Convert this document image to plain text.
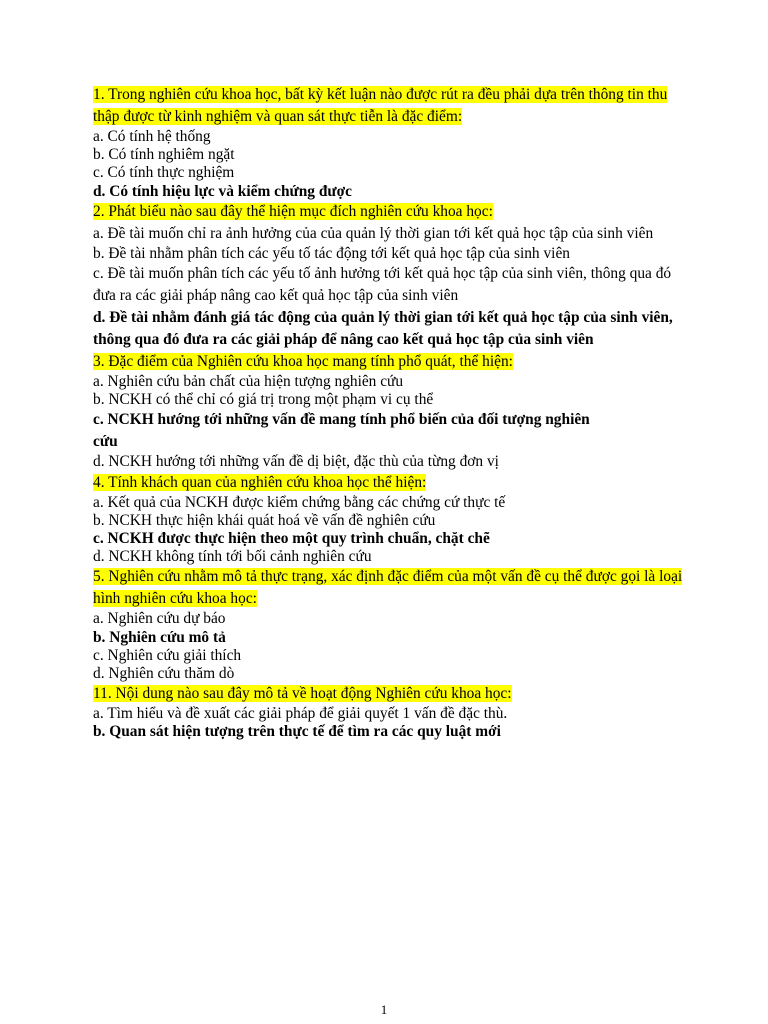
1. Trong nghiên cứu khoa học, bất kỳ kết luận nào được rút ra đều phải dựa trên thông tin thu thập được từ kinh nghiệm và quan sát thực tiễn là đặc điểm:
a. Có tính hệ thống
b. Có tính nghiêm ngặt
c. Có tính thực nghiệm
d. Có tính hiệu lực và kiểm chứng được
2. Phát biểu nào sau đây thể hiện mục đích nghiên cứu khoa học:
a. Đề tài muốn chỉ ra ảnh hưởng của của quản lý thời gian tới kết quả học tập của sinh viên
b. Đề tài nhằm phân tích các yếu tố tác động tới kết quả học tập của sinh viên
c. Đề tài muốn phân tích các yếu tố ảnh hưởng tới kết quả học tập của sinh viên, thông qua đó đưa ra các giải pháp nâng cao kết quả học tập của sinh viên
d. Đề tài nhằm đánh giá tác động của quản lý thời gian tới kết quả học tập của sinh viên, thông qua đó đưa ra các giải pháp để nâng cao kết quả học tập của sinh viên
3. Đặc điểm của Nghiên cứu khoa học mang tính phổ quát, thể hiện:
a. Nghiên cứu bản chất của hiện tượng nghiên cứu
b. NCKH có thể chỉ có giá trị trong một phạm vi cụ thể
c. NCKH hướng tới những vấn đề mang tính phổ biến của đối tượng nghiên cứu
d. NCKH hướng tới những vấn đề dị biệt, đặc thù của từng đơn vị
4. Tính khách quan của nghiên cứu khoa học thể hiện:
a. Kết quả của NCKH được kiểm chứng bằng các chứng cứ thực tế
b. NCKH thực hiện khái quát hoá về vấn đề nghiên cứu
c. NCKH được thực hiện theo một quy trình chuẩn, chặt chẽ
d. NCKH không tính tới bối cảnh nghiên cứu
5. Nghiên cứu nhằm mô tả thực trạng, xác định đặc điểm của một vấn đề cụ thể được gọi là loại hình nghiên cứu khoa học:
a. Nghiên cứu dự báo
b. Nghiên cứu mô tả
c. Nghiên cứu giải thích
d. Nghiên cứu thăm dò
11. Nội dung nào sau đây mô tả về hoạt động Nghiên cứu khoa học:
a. Tìm hiểu và đề xuất các giải pháp để giải quyết 1 vấn đề đặc thù.
b. Quan sát hiện tượng trên thực tế để tìm ra các quy luật mới
1
